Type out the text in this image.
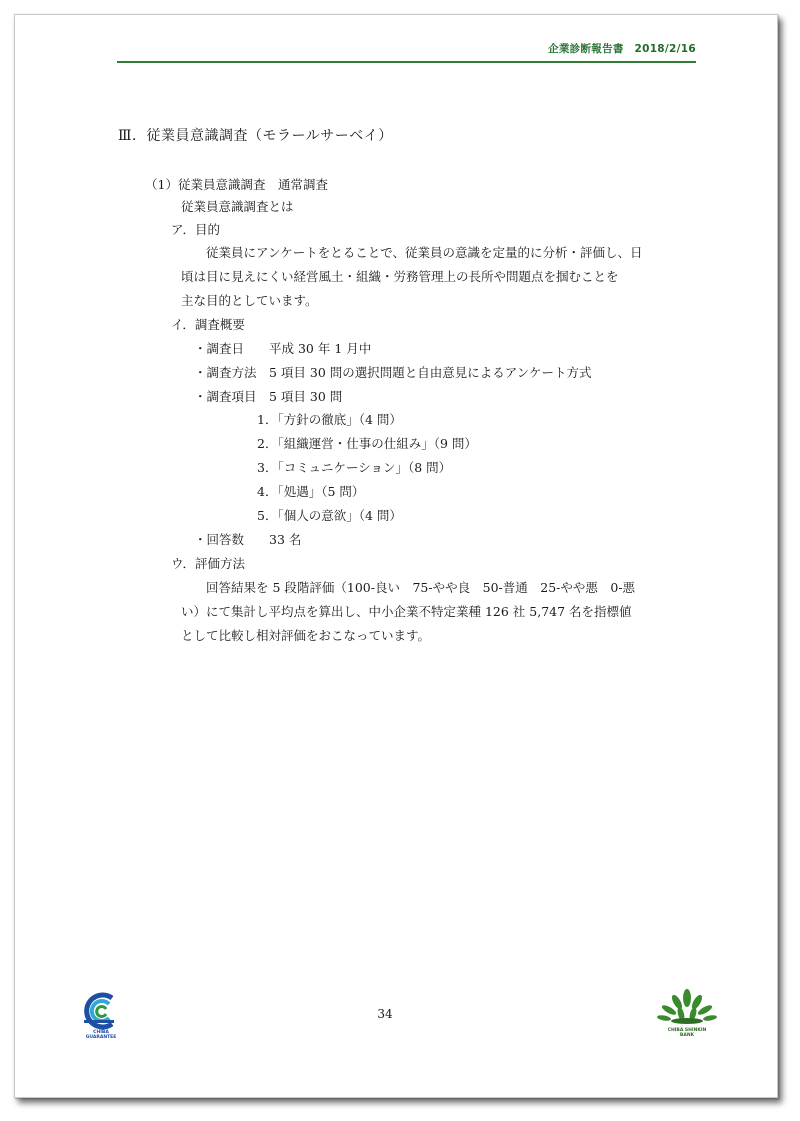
企業診断報告書　2018/2/16
Ⅲ．従業員意識調査（モラールサーベイ）
（1）従業員意識調査　通常調査
従業員意識調査とは
ア．目的
従業員にアンケートをとることで、従業員の意識を定量的に分析・評価し、日
頃は目に見えにくい経営風土・組織・労務管理上の長所や問題点を掴むことを
主な目的としています。
イ．調査概要
・調査日　　平成 30 年 1 月中
・調査方法　5 項目 30 問の選択問題と自由意見によるアンケート方式
・調査項目　5 項目 30 問
1．「方針の徹底」（4 問）
2．「組織運営・仕事の仕組み」（9 問）
3．「コミュニケーション」（8 問）
4．「処遇」（5 問）
5．「個人の意欲」（4 問）
・回答数　　33 名
ウ．評価方法
回答結果を 5 段階評価（100-良い　75-やや良　50-普通　25-やや悪　0-悪
い）にて集計し平均点を算出し、中小企業不特定業種 126 社 5,747 名を指標値
として比較し相対評価をおこなっています。
CHIBA
GUARANTEE
34
CHIBA SHINKIN
BANK
